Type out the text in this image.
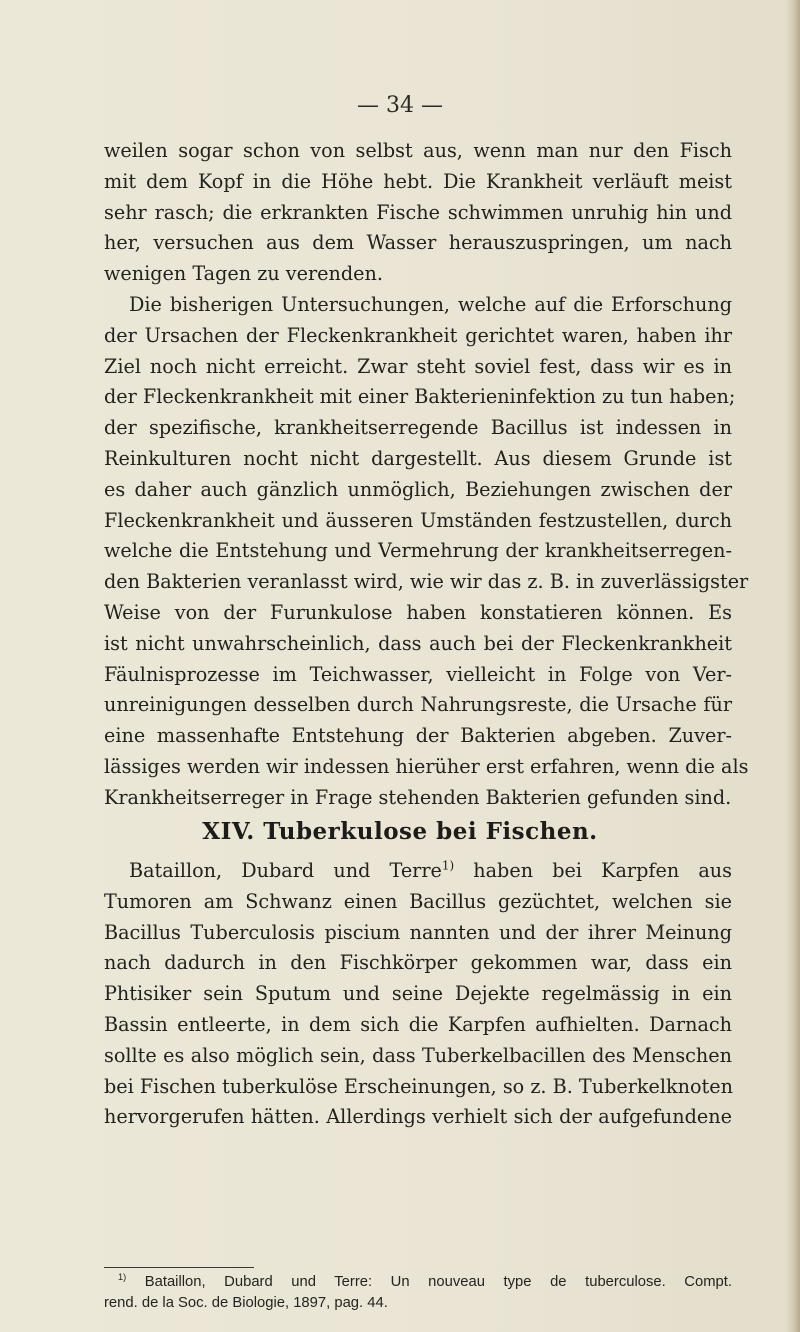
— 34 —

weilen sogar schon von selbst aus, wenn man nur den Fisch
mit dem Kopf in die Höhe hebt. Die Krankheit verläuft meist
sehr rasch; die erkrankten Fische schwimmen unruhig hin und
her, versuchen aus dem Wasser herauszuspringen, um nach
wenigen Tagen zu verenden.

Die bisherigen Untersuchungen, welche auf die Erforschung
der Ursachen der Fleckenkrankheit gerichtet waren, haben ihr
Ziel noch nicht erreicht. Zwar steht soviel fest, dass wir es in
der Fleckenkrankheit mit einer Bakterieninfektion zu tun haben;
der spezifische, krankheitserregende Bacillus ist indessen in
Reinkulturen nocht nicht dargestellt. Aus diesem Grunde ist
es daher auch gänzlich unmöglich, Beziehungen zwischen der
Fleckenkrankheit und äusseren Umständen festzustellen, durch
welche die Entstehung und Vermehrung der krankheitserregen-
den Bakterien veranlasst wird, wie wir das z. B. in zuverlässigster
Weise von der Furunkulose haben konstatieren können. Es
ist nicht unwahrscheinlich, dass auch bei der Fleckenkrankheit
Fäulnisprozesse im Teichwasser, vielleicht in Folge von Ver-
unreinigungen desselben durch Nahrungsreste, die Ursache für
eine massenhafte Entstehung der Bakterien abgeben. Zuver-
lässiges werden wir indessen hierüher erst erfahren, wenn die als
Krankheitserreger in Frage stehenden Bakterien gefunden sind.

XIV. Tuberkulose bei Fischen.

Bataillon, Dubard und Terre$^{1)}$ haben bei Karpfen aus
Tumoren am Schwanz einen Bacillus gezüchtet, welchen sie
Bacillus Tuberculosis piscium nannten und der ihrer Meinung
nach dadurch in den Fischkörper gekommen war, dass ein
Phtisiker sein Sputum und seine Dejekte regelmässig in ein
Bassin entleerte, in dem sich die Karpfen aufhielten. Darnach
sollte es also möglich sein, dass Tuberkelbacillen des Menschen
bei Fischen tuberkulöse Erscheinungen, so z. B. Tuberkelknoten
hervorgerufen hätten. Allerdings verhielt sich der aufgefundene

$^{1)}$ Bataillon, Dubard und Terre: Un nouveau type de tuberculose. Compt.
rend. de la Soc. de Biologie, 1897, pag. 44.
